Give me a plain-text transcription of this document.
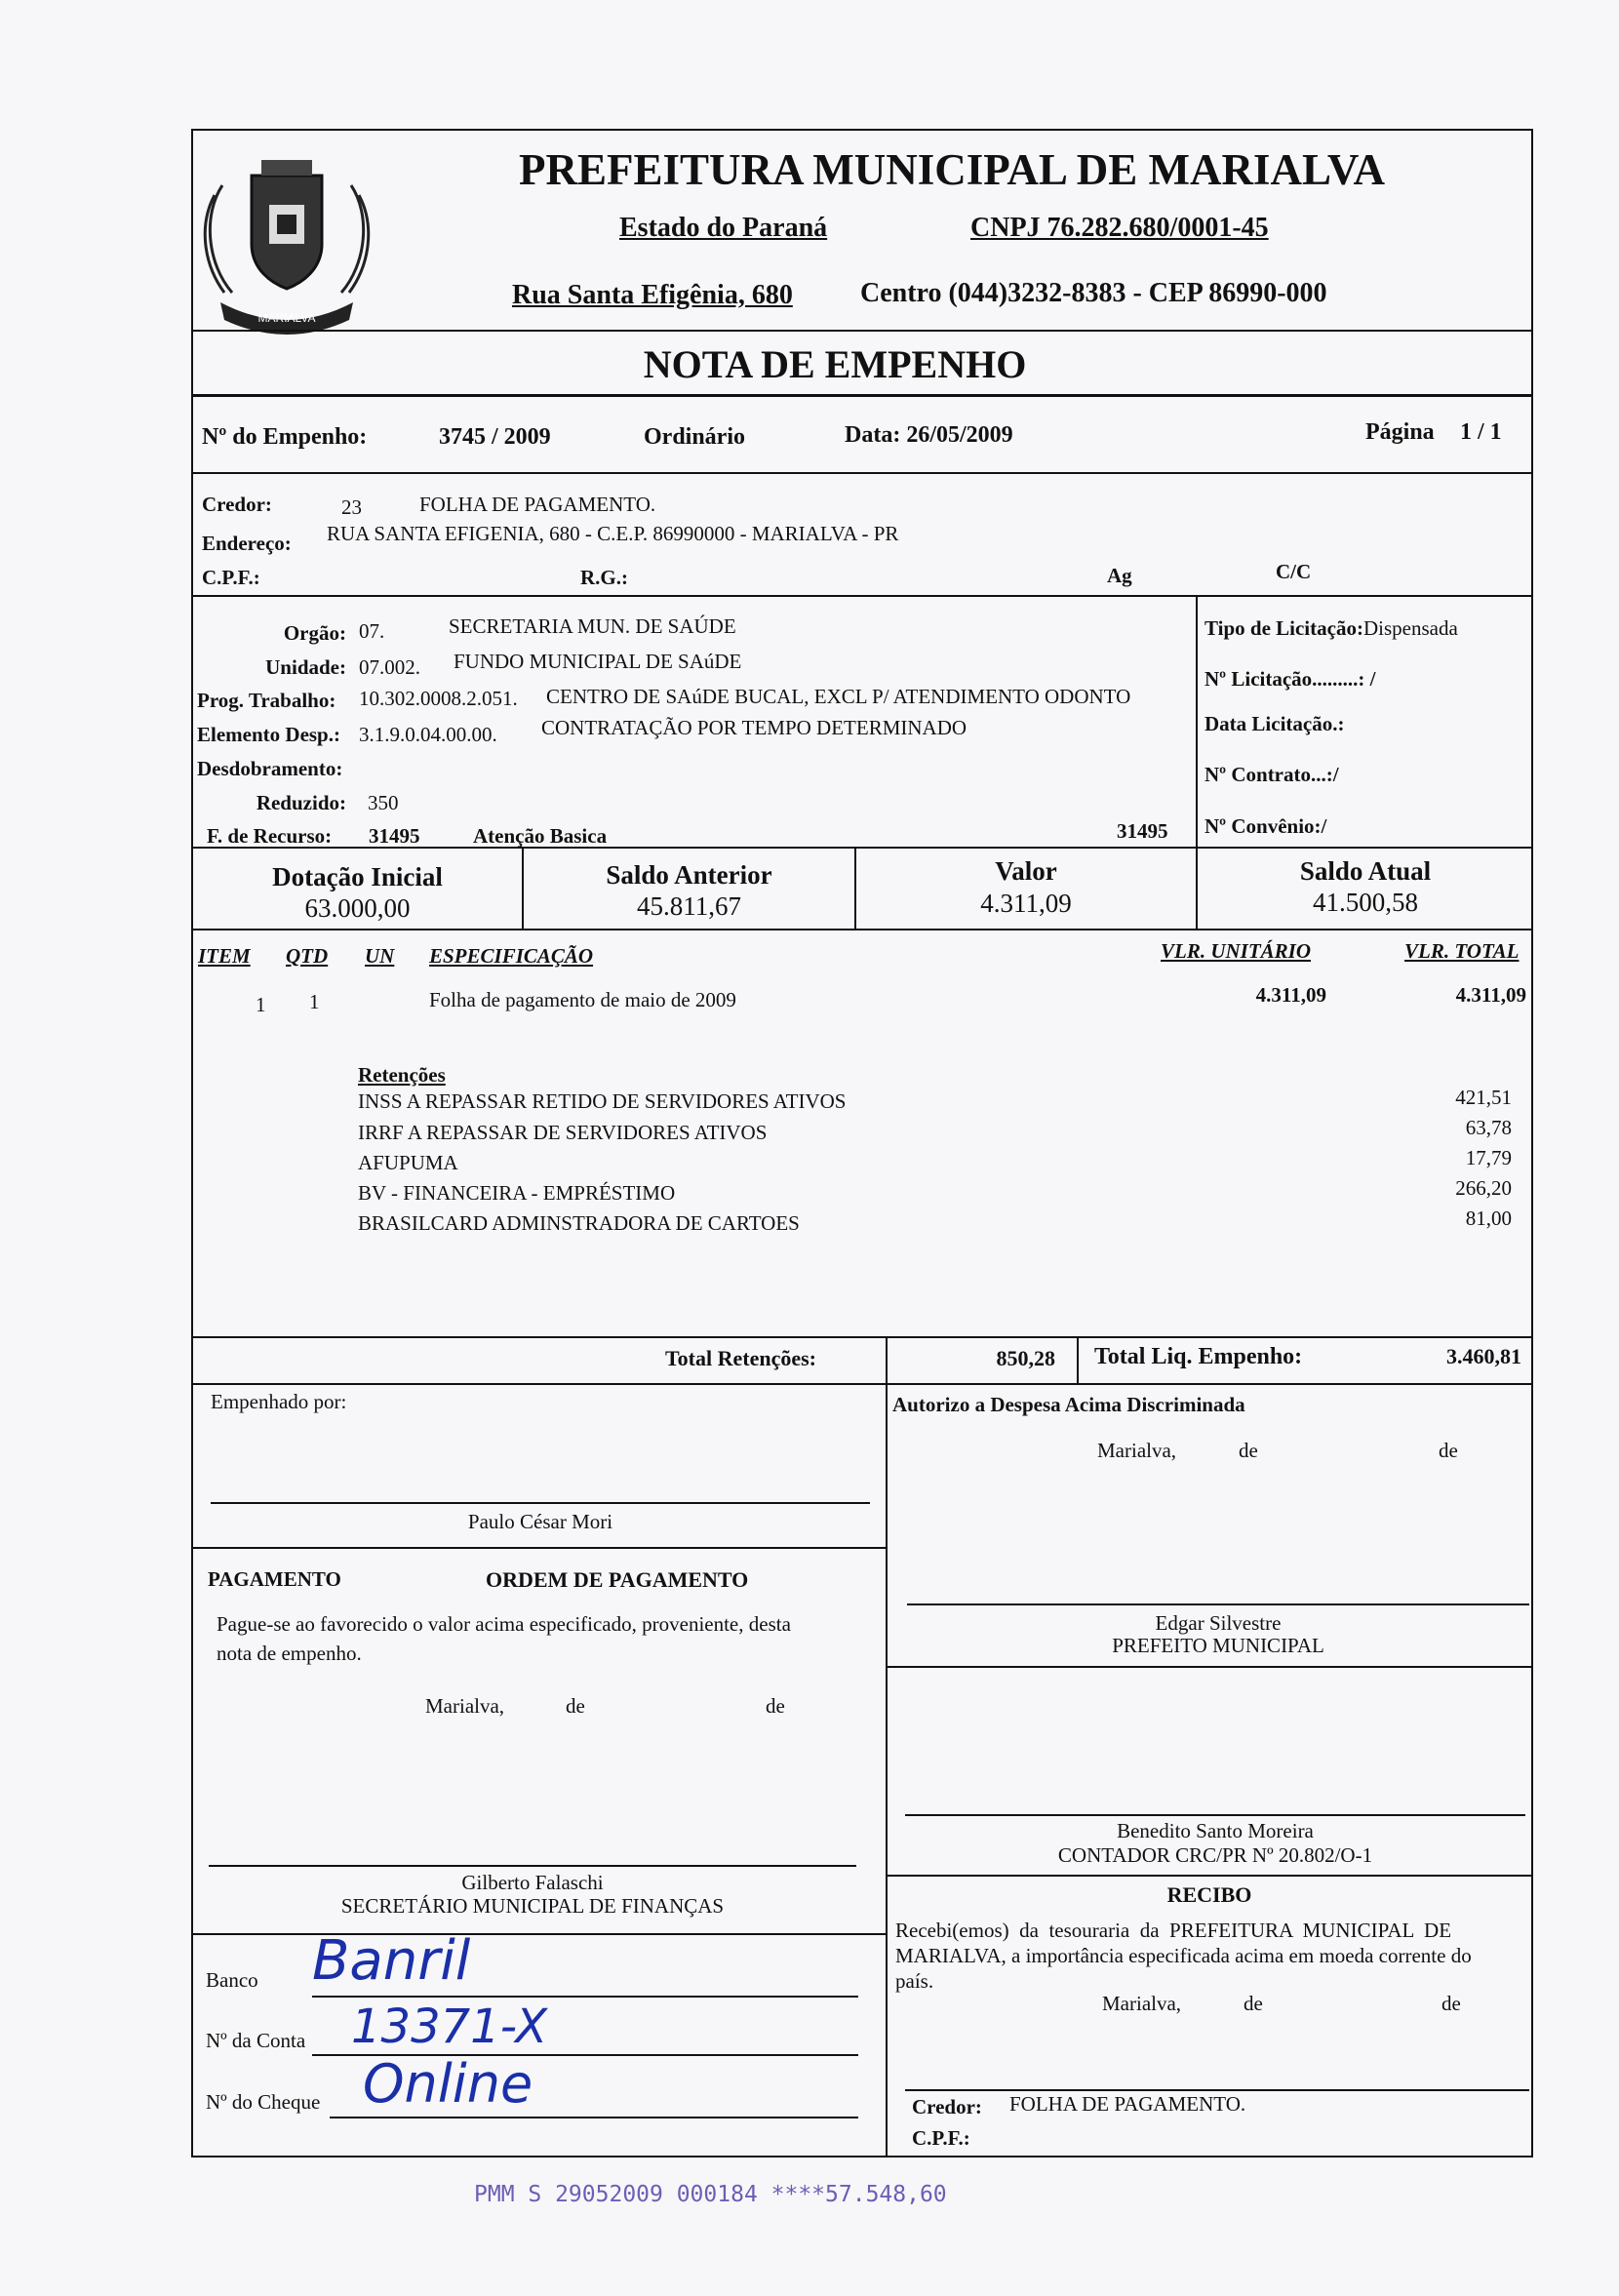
MARIALVA
PREFEITURA MUNICIPAL DE MARIALVA
Estado do Paraná	CNPJ 76.282.680/0001-45
Rua Santa Efigênia, 680 Centro (044)3232-8383 - CEP 86990-000
NOTA DE EMPENHO
Nº do Empenho:	3745 / 2009	Ordinário	Data: 26/05/2009	Página 1 / 1
Credor:	23	FOLHA DE PAGAMENTO.
Endereço: RUA SANTA EFIGENIA, 680 - C.E.P. 86990000 - MARIALVA - PR
C.P.F.:	R.G.:	Ag	C/C
Orgão: 07.	SECRETARIA MUN. DE SAÚDE
Unidade: 07.002. FUNDO MUNICIPAL DE SAúDE
Prog. Trabalho: 10.302.0008.2.051. CENTRO DE SAúDE BUCAL, EXCL P/ ATENDIMENTO ODONTO
Elemento Desp.: 3.1.9.0.04.00.00. CONTRATAÇÃO POR TEMPO DETERMINADO
Desdobramento:
Reduzido: 350
F. de Recurso: 31495	Atenção Basica	31495
Tipo de Licitação:Dispensada
Nº Licitação.........: /
Data Licitação.:
Nº Contrato...:/
Nº Convênio:/
Dotação Inicial
63.000,00
Saldo Anterior
45.811,67
Valor
4.311,09
Saldo Atual
41.500,58
ITEM QTD UN ESPECIFICAÇÃO	VLR. UNITÁRIO	VLR. TOTAL
1 1	Folha de pagamento de maio de 2009	4.311,09	4.311,09
Retenções
INSS A REPASSAR RETIDO DE SERVIDORES ATIVOS	421,51
IRRF A REPASSAR DE SERVIDORES ATIVOS	63,78
AFUPUMA	17,79
BV - FINANCEIRA - EMPRÉSTIMO	266,20
BRASILCARD ADMINSTRADORA DE CARTOES	81,00
Total Retenções:	850,28 Total Liq. Empenho:	3.460,81
Empenhado por:
Paulo César Mori
Autorizo a Despesa Acima Discriminada
Marialva,	de	de
Edgar Silvestre
PREFEITO MUNICIPAL
PAGAMENTO	ORDEM DE PAGAMENTO
Pague-se ao favorecido o valor acima especificado, proveniente, desta
nota de empenho.
Marialva,	de	de
Gilberto Falaschi
SECRETÁRIO MUNICIPAL DE FINANÇAS
Benedito Santo Moreira
CONTADOR CRC/PR Nº 20.802/O-1
RECIBO
Recebi(emos)  da  tesouraria  da  PREFEITURA  MUNICIPAL  DE
MARIALVA, a importância especificada acima em moeda corrente do
país.
Marialva,	de	de
Credor: FOLHA DE PAGAMENTO.
C.P.F.:
Banco Banril
Nº da Conta 13371-X
Nº do Cheque Online
PMM S 29052009 000184 ****57.548,60
